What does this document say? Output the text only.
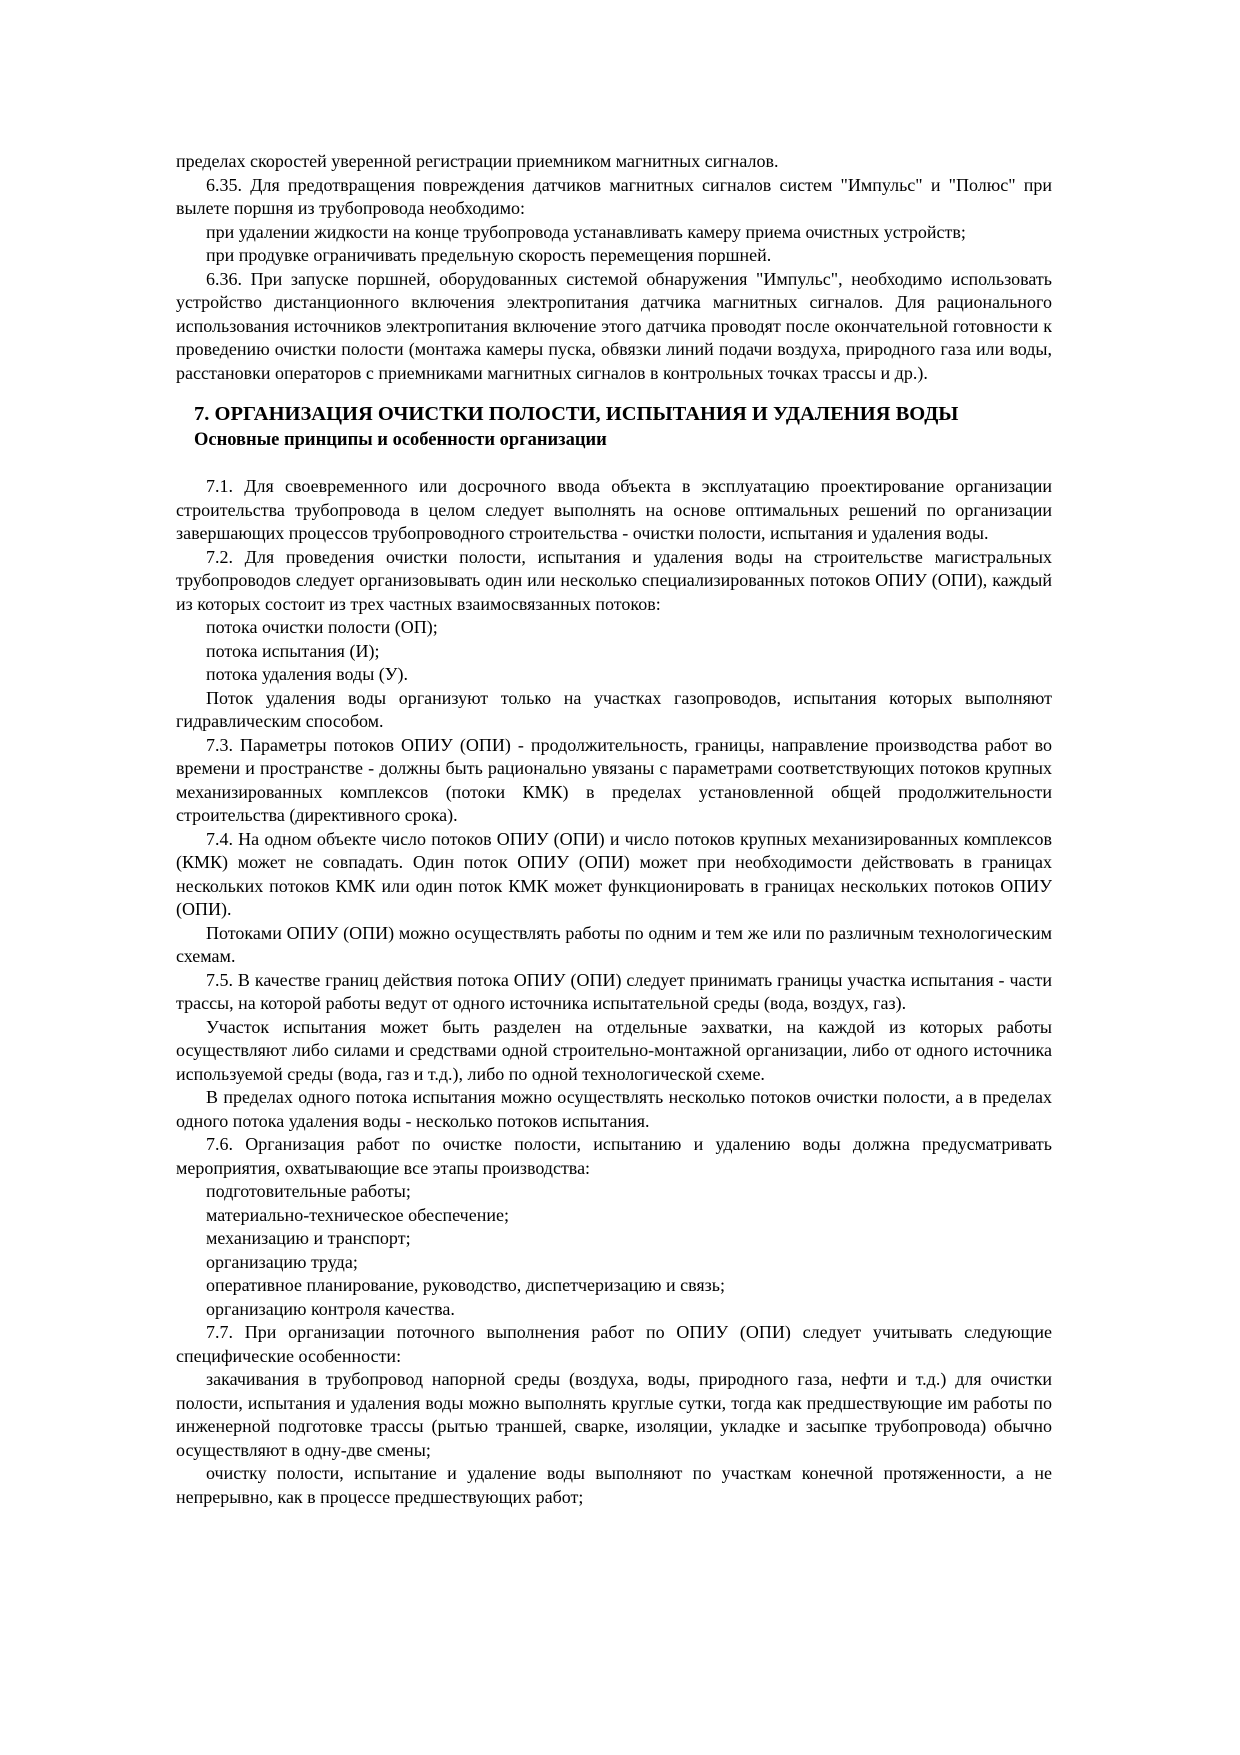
пределах скоростей уверенной регистрации приемником магнитных сигналов.

6.35. Для предотвращения повреждения датчиков магнитных сигналов систем "Импульс" и "Полюс" при вылете поршня из трубопровода необходимо:

при удалении жидкости на конце трубопровода устанавливать камеру приема очистных устройств;

при продувке ограничивать предельную скорость перемещения поршней.

6.36. При запуске поршней, оборудованных системой обнаружения "Импульс", необходимо использовать устройство дистанционного включения электропитания датчика магнитных сигналов. Для рационального использования источников электропитания включение этого датчика проводят после окончательной готовности к проведению очистки полости (монтажа камеры пуска, обвязки линий подачи воздуха, природного газа или воды, расстановки операторов с приемниками магнитных сигналов в контрольных точках трассы и др.).

7. ОРГАНИЗАЦИЯ ОЧИСТКИ ПОЛОСТИ, ИСПЫТАНИЯ И УДАЛЕНИЯ ВОДЫ
Основные принципы и особенности организации

7.1. Для своевременного или досрочного ввода объекта в эксплуатацию проектирование организации строительства трубопровода в целом следует выполнять на основе оптимальных решений по организации завершающих процессов трубопроводного строительства - очистки полости, испытания и удаления воды.

7.2. Для проведения очистки полости, испытания и удаления воды на строительстве магистральных трубопроводов следует организовывать один или несколько специализированных потоков ОПИУ (ОПИ), каждый из которых состоит из трех частных взаимосвязанных потоков:

потока очистки полости (ОП);

потока испытания (И);

потока удаления воды (У).

Поток удаления воды организуют только на участках газопроводов, испытания которых выполняют гидравлическим способом.

7.3. Параметры потоков ОПИУ (ОПИ) - продолжительность, границы, направление производства работ во времени и пространстве - должны быть рационально увязаны с параметрами соответствующих потоков крупных механизированных комплексов (потоки КМК) в пределах установленной общей продолжительности строительства (директивного срока).

7.4. На одном объекте число потоков ОПИУ (ОПИ) и число потоков крупных механизированных комплексов (КМК) может не совпадать. Один поток ОПИУ (ОПИ) может при необходимости действовать в границах нескольких потоков КМК или один поток КМК может функционировать в границах нескольких потоков ОПИУ (ОПИ).

Потоками ОПИУ (ОПИ) можно осуществлять работы по одним и тем же или по различным технологическим схемам.

7.5. В качестве границ действия потока ОПИУ (ОПИ) следует принимать границы участка испытания - части трассы, на которой работы ведут от одного источника испытательной среды (вода, воздух, газ).

Участок испытания может быть разделен на отдельные эахватки, на каждой из которых работы осуществляют либо силами и средствами одной строительно-монтажной организации, либо от одного источника используемой среды (вода, газ и т.д.), либо по одной технологической схеме.

В пределах одного потока испытания можно осуществлять несколько потоков очистки полости, а в пределах одного потока удаления воды - несколько потоков испытания.

7.6. Организация работ по очистке полости, испытанию и удалению воды должна предусматривать мероприятия, охватывающие все этапы производства:

подготовительные работы;

материально-техническое обеспечение;

механизацию и транспорт;

организацию труда;

оперативное планирование, руководство, диспетчеризацию и связь;

организацию контроля качества.

7.7. При организации поточного выполнения работ по ОПИУ (ОПИ) следует учитывать следующие специфические особенности:

закачивания в трубопровод напорной среды (воздуха, воды, природного газа, нефти и т.д.) для очистки полости, испытания и удаления воды можно выполнять круглые сутки, тогда как предшествующие им работы по инженерной подготовке трассы (рытью траншей, сварке, изоляции, укладке и засыпке трубопровода) обычно осуществляют в одну-две смены;

очистку полости, испытание и удаление воды выполняют по участкам конечной протяженности, а не непрерывно, как в процессе предшествующих работ;
